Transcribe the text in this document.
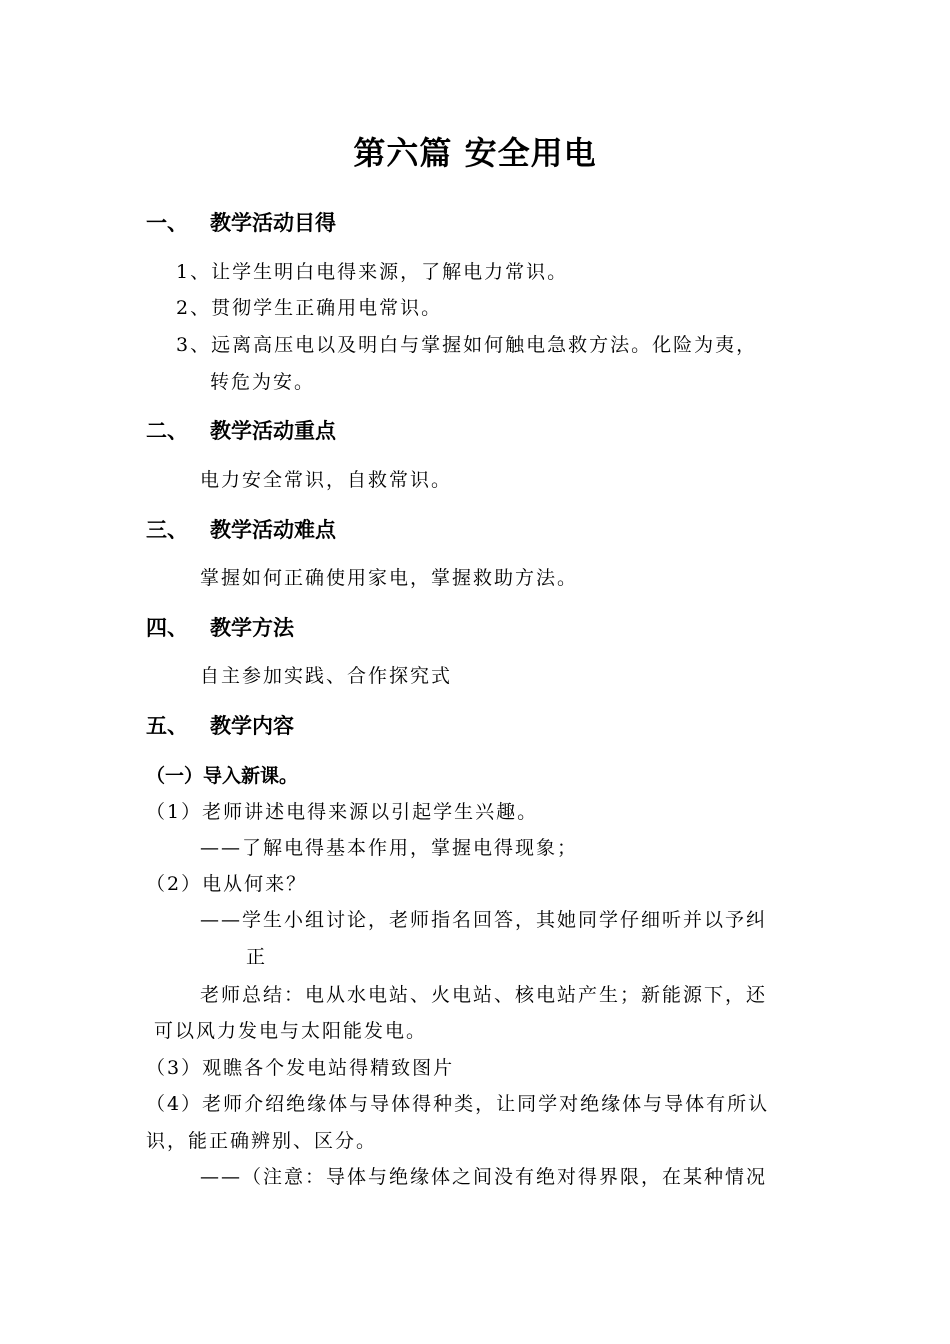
第六篇 安全用电
一、 教学活动目得
1、让学生明白电得来源，了解电力常识。
2、贯彻学生正确用电常识。
3、远离高压电以及明白与掌握如何触电急救方法。化险为夷，
转危为安。
二、 教学活动重点
电力安全常识，自救常识。
三、 教学活动难点
掌握如何正确使用家电，掌握救助方法。
四、 教学方法
自主参加实践、合作探究式
五、 教学内容
（一）导入新课。
（1）老师讲述电得来源以引起学生兴趣。
——了解电得基本作用，掌握电得现象；
（2）电从何来？
——学生小组讨论，老师指名回答，其她同学仔细听并以予纠
正
老师总结：电从水电站、火电站、核电站产生；新能源下，还
可以风力发电与太阳能发电。
（3）观瞧各个发电站得精致图片
（4）老师介绍绝缘体与导体得种类，让同学对绝缘体与导体有所认
识，能正确辨别、区分。
——（注意：导体与绝缘体之间没有绝对得界限，在某种情况
